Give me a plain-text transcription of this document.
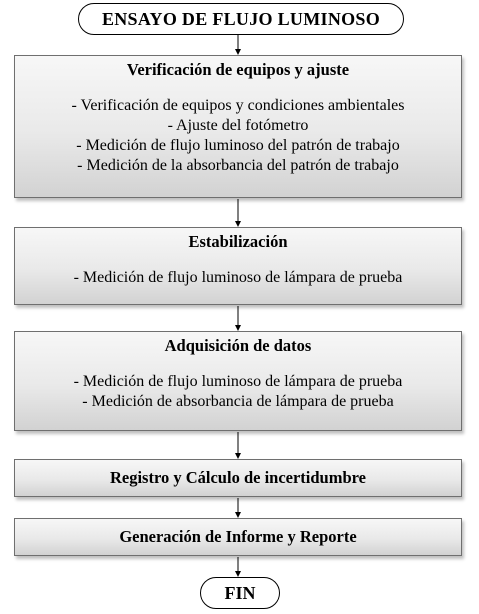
ENSAYO DE FLUJO LUMINOSO
Verificación de equipos y ajuste
- Verificación de equipos y condiciones ambientales
- Ajuste del fotómetro
- Medición de flujo luminoso del patrón de trabajo
- Medición de la absorbancia del patrón de trabajo
Estabilización
- Medición de flujo luminoso de lámpara de prueba
Adquisición de datos
- Medición de flujo luminoso de lámpara de prueba
- Medición de absorbancia de lámpara de prueba
Registro y Cálculo de incertidumbre
Generación de Informe y Reporte
FIN
